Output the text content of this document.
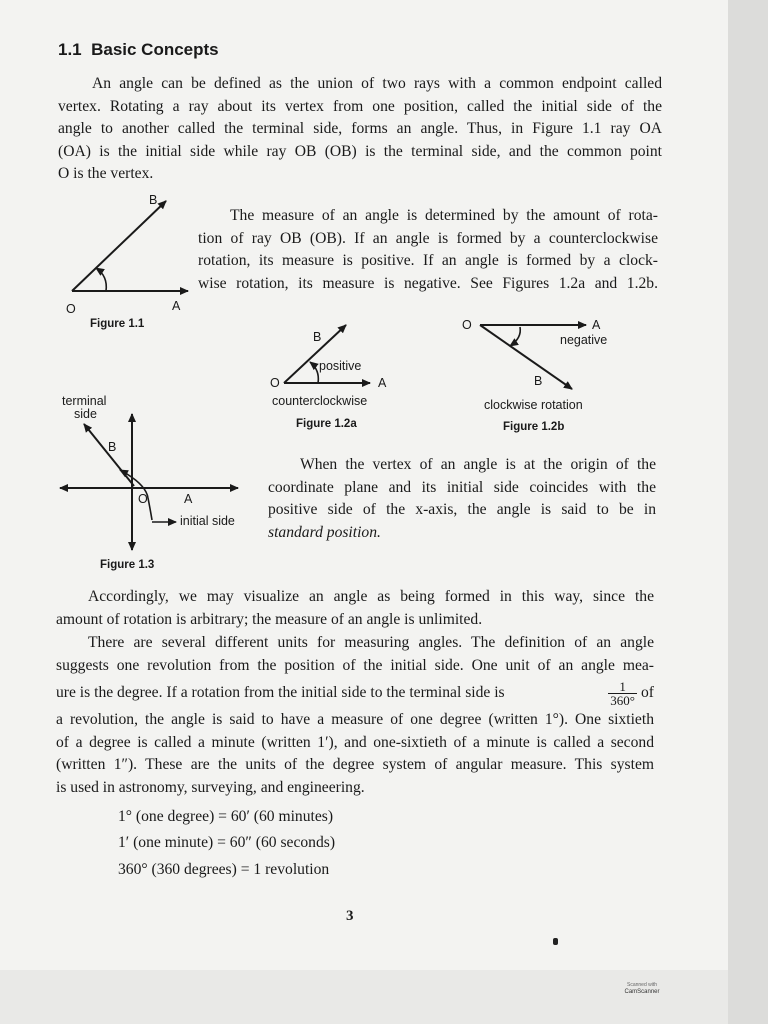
1.1 Basic Concepts
An angle can be defined as the union of two rays with a common endpoint called
vertex. Rotating a ray about its vertex from one position, called the initial side of the
angle to another called the terminal side, forms an angle. Thus, in Figure 1.1 ray OA
(OA) is the initial side while ray OB (OB) is the terminal side, and the common point
O is the vertex.
The measure of an angle is determined by the amount of rota-
tion of ray OB (OB). If an angle is formed by a counterclockwise
rotation, its measure is positive. If an angle is formed by a clock-
wise rotation, its measure is negative. See Figures 1.2a and 1.2b.
B
O	A
Figure 1.1
B
positive
O	A
counterclockwise
Figure 1.2a
O	A
negative
B
clockwise rotation
Figure 1.2b
terminal
side
B
O	A
initial side
Figure 1.3
When the vertex of an angle is at the origin of the
coordinate plane and its initial side coincides with the
positive side of the x-axis, the angle is said to be in
standard position.
Accordingly, we may visualize an angle as being formed in this way, since the
amount of rotation is arbitrary; the measure of an angle is unlimited.
There are several different units for measuring angles. The definition of an angle
suggests one revolution from the position of the initial side. One unit of an angle mea-
ure is the degree. If a rotation from the initial side to the terminal side is	$\frac{1}{360^\circ}$ of
a revolution, the angle is said to have a measure of one degree (written 1°). One sixtieth
of a degree is called a minute (written 1′), and one-sixtieth of a minute is called a second
(written 1″). These are the units of the degree system of angular measure. This system
is used in astronomy, surveying, and engineering.
1° (one degree) = 60′ (60 minutes)
1′ (one minute) = 60″ (60 seconds)
360° (360 degrees) = 1 revolution
3
Scanned with
CamScanner
